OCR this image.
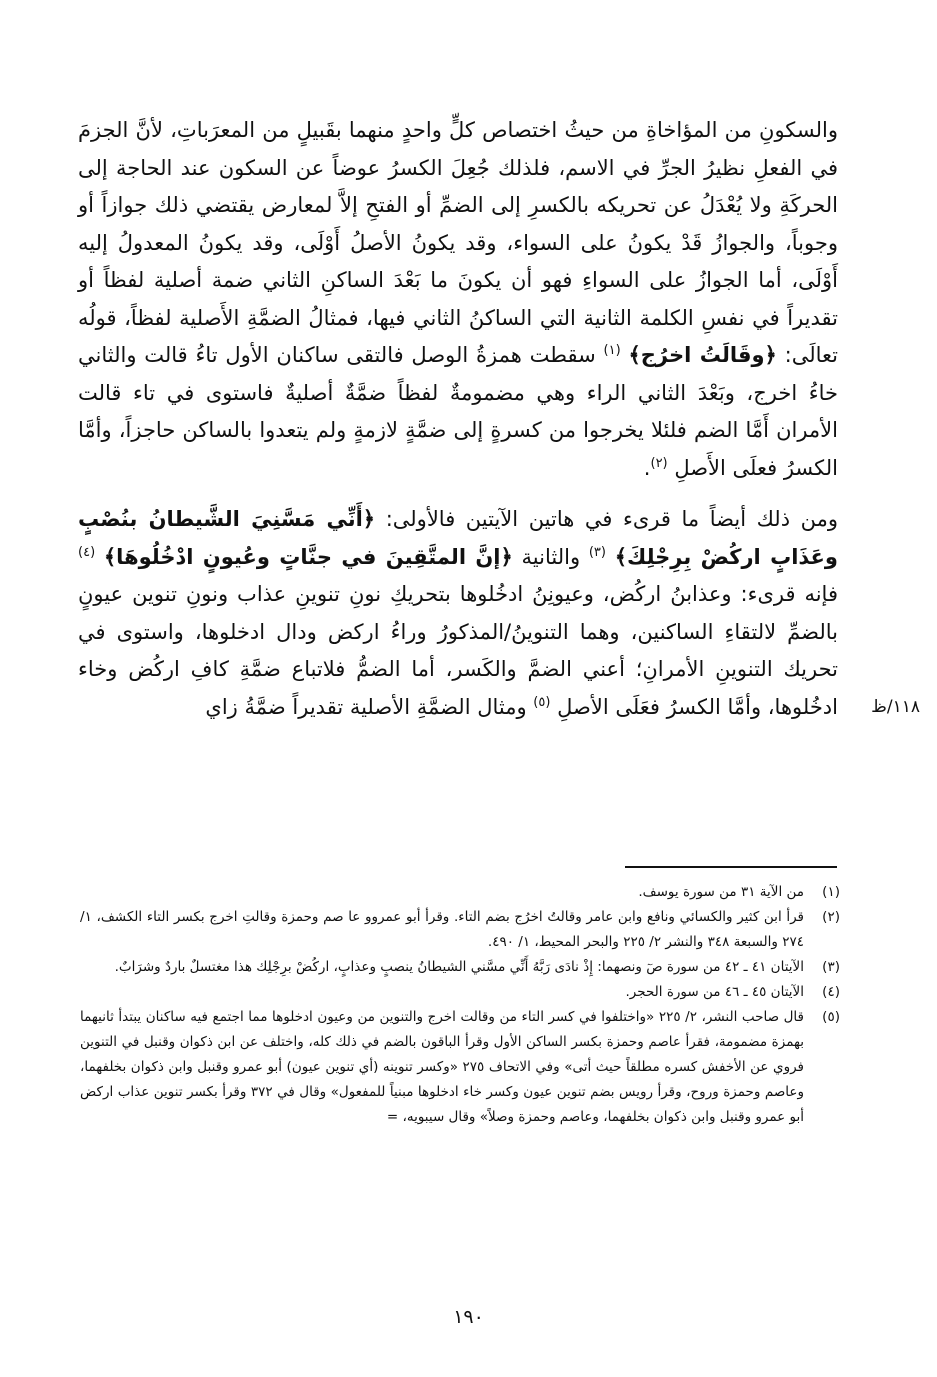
والسكونِ من المؤاخاةِ من حيثُ اختصاص كلٍّ واحدٍ منهما بقَبيلٍ من المعرَباتِ، لأنَّ الجزمَ في الفعلِ نظيرُ الجرِّ في الاسم، فلذلك جُعِلَ الكسرُ عوضاً عن السكون عند الحاجة إلى الحركَةِ ولا يُعْدَلُ عن تحريكه بالكسرِ إلى الضمِّ أو الفتحِ إلاَّ لمعارض يقتضي ذلك جوازاً أو وجوباً، والجوازُ قَدْ يكونُ على السواء، وقد يكونُ الأصلُ أَوْلَى، وقد يكونُ المعدولُ إليه أَوْلَى، أما الجوازُ على السواءِ فهو أن يكونَ ما بَعْدَ الساكنِ الثاني ضمة أصلية لفظاً أو تقديراً في نفسِ الكلمة الثانية التي الساكنُ الثاني فيها، فمثالُ الضمَّةِ الأَصلية لفظاً، قولُه تعالَى: ﴿وقَالَتُ اخرُج﴾ $^{(١)}$ سقطت همزةُ الوصل فالتقى ساكنان الأول تاءُ قالت والثاني خاءُ اخرج، وبَعْدَ الثاني الراء وهي مضمومةٌ لفظاً ضمَّةٌ أصليةٌ فاستوى في تاء قالت الأمران أَمَّا الضم فلئلا يخرجوا من كسرةٍ إلى ضمَّةٍ لازمةٍ ولم يتعدوا بالساكن حاجزاً، وأمَّا الكسرُ فعلَى الأَصلِ $^{(٢)}$.

ومن ذلك أيضاً ما قرىء في هاتين الآيتين فالأولى: ﴿أَنِّي مَسَّنِيَ الشَّيطانُ بنُصْبٍ وعَذَابٍ اركُضْ بِرِجْلِكَ﴾ $^{(٣)}$ والثانية ﴿إنَّ المتَّقِينَ في جنَّاتٍ وعُيونٍ ادْخُلُوهَا﴾ $^{(٤)}$ فإنه قرىء: وعذابنُ اركُض، وعيونِنُ ادخُلوها بتحريكِ نونِ تنوينِ عذاب ونونِ تنوين عيونٍ بالضمِّ لالتقاءِ الساكنين، وهما التنوينُ/المذكورُ وراءُ اركض ودال ادخلوها، واستوى في تحريك التنوينِ الأمرانِ؛ أعني الضمَّ والكَسر، أما الضمُّ فلاتباع ضمَّةِ كافِ اركُض وخاء ادخُلوها، وأمَّا الكسرُ فعَلَى الأصلِ $^{(٥)}$ ومثال الضمَّةِ الأصلية تقديراً ضمَّةُ زاي	١١٨/ظ
(١)
من الآية ٣١ من سورة يوسف.
(٢)
قرأ ابن كثير والكسائي ونافع وابن عامر وقالتُ اخرُج بضم التاء. وقرأ أبو عمروو عا صم وحمزة وقالتِ اخرج بكسر التاء الكشف، ١/ ٢٧٤ والسبعة ٣٤٨ والنشر ٢/ ٢٢٥ والبحر المحيط، ١/ ٤٩٠.
(٣)
الآيتان ٤١ ـ ٤٢ من سورة صٓ ونصهما: إِذْ نادَى رَبَّهُ أَنِّي مسَّني الشيطانُ ينصبٍ وعذابٍ، اركُضْ برِجْلِك هذا مغتسلٌ باردٌ وشرَابٌ.
(٤)
الآيتان ٤٥ ـ ٤٦ من سورة الحجر.
(٥)
قال صاحب النشر، ٢/ ٢٢٥ «واختلفوا في كسر التاء من وقالت اخرج والتنوين من وعيون ادخلوها مما اجتمع فيه ساكنان يبتدأ ثانيهما بهمزة مضمومة، فقرأ عاصم وحمزة بكسر الساكن الأول وقرأ الباقون بالضم في ذلك كله، واختلف عن ابن ذكوان وقنبل في التنوين فروي عن الأخفش كسره مطلقاً حيث أتى» وفي الاتحاف ٢٧٥ «وكسر تنوينه (أي تنوين عيون) أبو عمرو وقنبل وابن ذكوان بخلفهما، وعاصم وحمزة وروح، وقرأ رويس بضم تنوين عيون وكسر خاء ادخلوها مبنياً للمفعول» وقال في ٣٧٢ وقرأ بكسر تنوين عذاب اركض أبو عمرو وقنبل وابن ذكوان بخلفهما، وعاصم وحمزة وصلاً» وقال سيبويه، =
١٩٠
